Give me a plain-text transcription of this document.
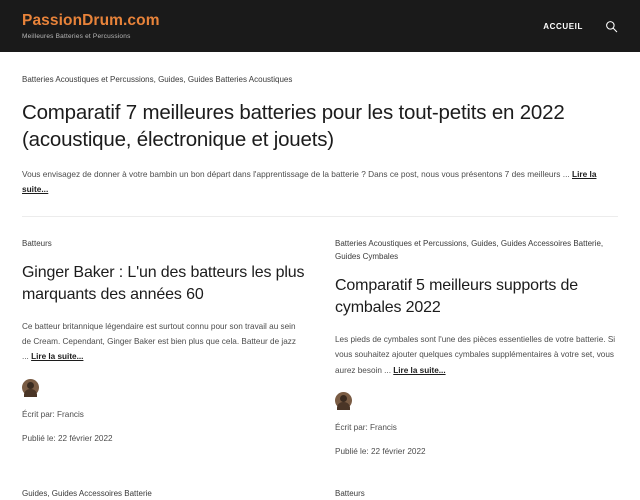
PassionDrum.com
Meilleures Batteries et Percussions
ACCUEIL
Batteries Acoustiques et Percussions, Guides, Guides Batteries Acoustiques
Comparatif 7 meilleures batteries pour les tout-petits en 2022 (acoustique, électronique et jouets)

Vous envisagez de donner à votre bambin un bon départ dans l'apprentissage de la batterie ? Dans ce post, nous vous présentons 7 des meilleurs ... Lire la suite...

Batteurs
Ginger Baker : L'un des batteurs les plus marquants des années 60

Ce batteur britannique légendaire est surtout connu pour son travail au sein de Cream. Cependant, Ginger Baker est bien plus que cela. Batteur de jazz ... Lire la suite...

Écrit par: Francis

Publié le: 22 février 2022

Batteries Acoustiques et Percussions, Guides, Guides Accessoires Batterie, Guides Cymbales
Comparatif 5 meilleurs supports de cymbales 2022

Les pieds de cymbales sont l'une des pièces essentielles de votre batterie. Si vous souhaitez ajouter quelques cymbales supplémentaires à votre set, vous aurez besoin ... Lire la suite...

Écrit par: Francis

Publié le: 22 février 2022

Guides, Guides Accessoires Batterie	Batteurs
